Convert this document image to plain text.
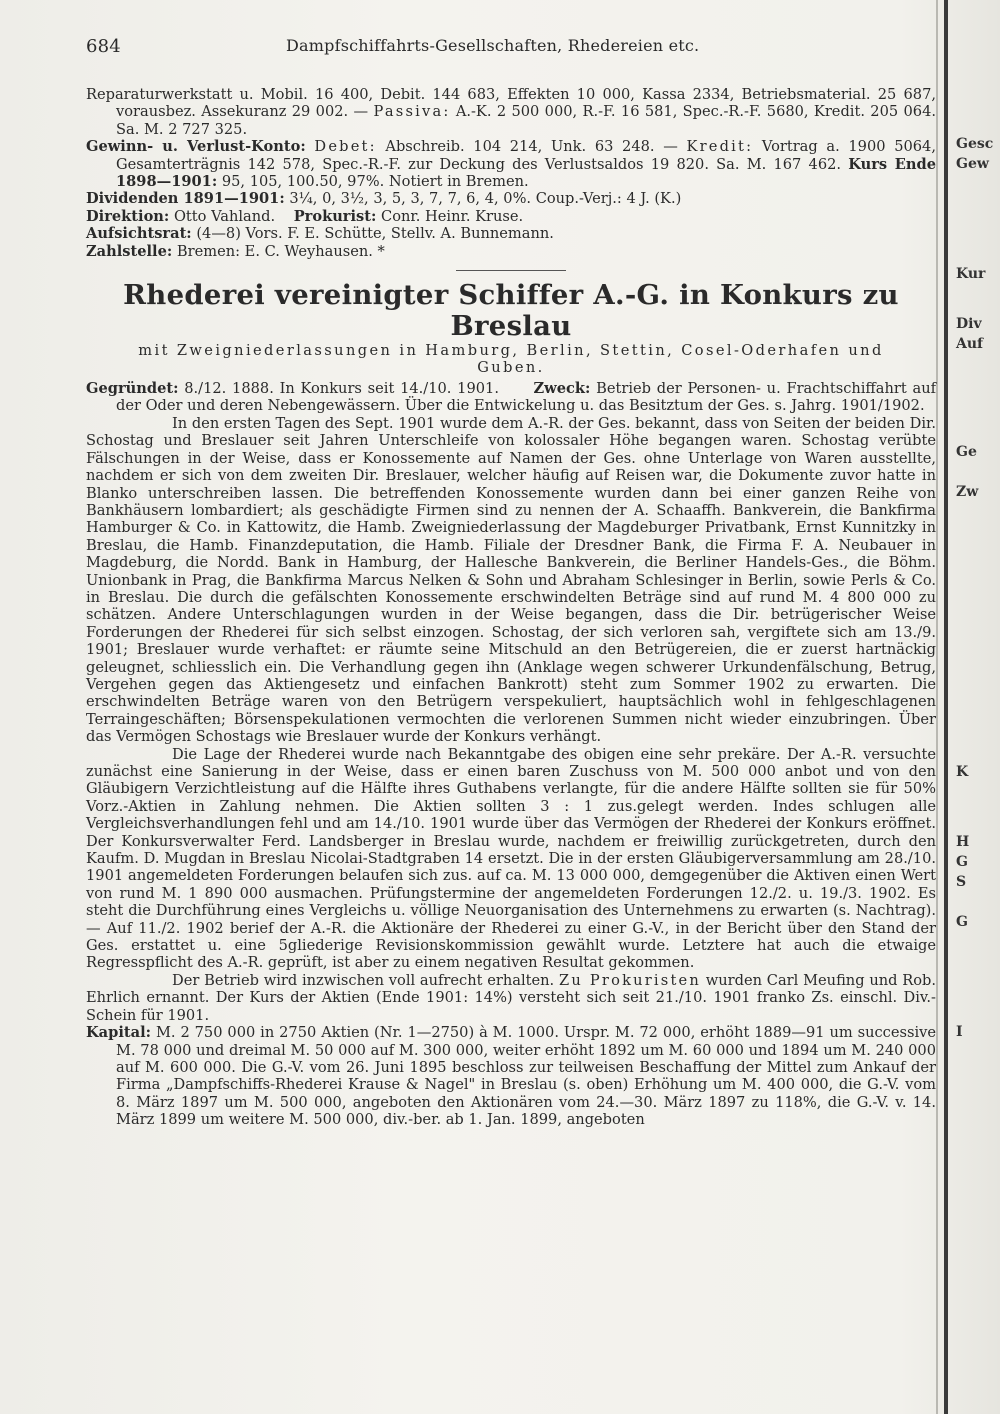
684	Dampfschiffahrts-Gesellschaften, Rhedereien etc.

Reparaturwerkstatt u. Mobil. 16 400, Debit. 144 683, Effekten 10 000, Kassa 2334, Betriebsmaterial. 25 687, vorausbez. Assekuranz 29 002. — Passiva: A.-K. 2 500 000, R.-F. 16 581, Spec.-R.-F. 5680, Kredit. 205 064. Sa. M. 2 727 325.

Gewinn- u. Verlust-Konto: Debet: Abschreib. 104 214, Unk. 63 248. — Kredit: Vortrag a. 1900 5064, Gesamterträgnis 142 578, Spec.-R.-F. zur Deckung des Verlustsaldos 19 820. Sa. M. 167 462. Kurs Ende 1898—1901: 95, 105, 100.50, 97%. Notiert in Bremen.

Dividenden 1891—1901: 3¼, 0, 3½, 3, 5, 3, 7, 7, 6, 4, 0%. Coup.-Verj.: 4 J. (K.)

Direktion: Otto Vahland. Prokurist: Conr. Heinr. Kruse.

Aufsichtsrat: (4—8) Vors. F. E. Schütte, Stellv. A. Bunnemann.

Zahlstelle: Bremen: E. C. Weyhausen. *

Rhederei vereinigter Schiffer A.-G. in Konkurs zu Breslau
mit Zweigniederlassungen in Hamburg, Berlin, Stettin, Cosel-Oderhafen und Guben.

Gegründet: 8./12. 1888. In Konkurs seit 14./10. 1901. Zweck: Betrieb der Personen- u. Frachtschiffahrt auf der Oder und deren Nebengewässern. Über die Entwickelung u. das Besitztum der Ges. s. Jahrg. 1901/1902.

In den ersten Tagen des Sept. 1901 wurde dem A.-R. der Ges. bekannt, dass von Seiten der beiden Dir. Schostag und Breslauer seit Jahren Unterschleife von kolossaler Höhe begangen waren. Schostag verübte Fälschungen in der Weise, dass er Konossemente auf Namen der Ges. ohne Unterlage von Waren ausstellte, nachdem er sich von dem zweiten Dir. Breslauer, welcher häufig auf Reisen war, die Dokumente zuvor hatte in Blanko unterschreiben lassen. Die betreffenden Konossemente wurden dann bei einer ganzen Reihe von Bankhäusern lombardiert; als geschädigte Firmen sind zu nennen der A. Schaaffh. Bankverein, die Bankfirma Hamburger & Co. in Kattowitz, die Hamb. Zweigniederlassung der Magdeburger Privatbank, Ernst Kunnitzky in Breslau, die Hamb. Finanzdeputation, die Hamb. Filiale der Dresdner Bank, die Firma F. A. Neubauer in Magdeburg, die Nordd. Bank in Hamburg, der Hallesche Bankverein, die Berliner Handels-Ges., die Böhm. Unionbank in Prag, die Bankfirma Marcus Nelken & Sohn und Abraham Schlesinger in Berlin, sowie Perls & Co. in Breslau. Die durch die gefälschten Konossemente erschwindelten Beträge sind auf rund M. 4 800 000 zu schätzen. Andere Unterschlagungen wurden in der Weise begangen, dass die Dir. betrügerischer Weise Forderungen der Rhederei für sich selbst einzogen. Schostag, der sich verloren sah, vergiftete sich am 13./9. 1901; Breslauer wurde verhaftet: er räumte seine Mitschuld an den Betrügereien, die er zuerst hartnäckig geleugnet, schliesslich ein. Die Verhandlung gegen ihn (Anklage wegen schwerer Urkundenfälschung, Betrug, Vergehen gegen das Aktiengesetz und einfachen Bankrott) steht zum Sommer 1902 zu erwarten. Die erschwindelten Beträge waren von den Betrügern verspekuliert, hauptsächlich wohl in fehlgeschlagenen Terraingeschäften; Börsenspekulationen vermochten die verlorenen Summen nicht wieder einzubringen. Über das Vermögen Schostags wie Breslauer wurde der Konkurs verhängt.

Die Lage der Rhederei wurde nach Bekanntgabe des obigen eine sehr prekäre. Der A.-R. versuchte zunächst eine Sanierung in der Weise, dass er einen baren Zuschuss von M. 500 000 anbot und von den Gläubigern Verzichtleistung auf die Hälfte ihres Guthabens verlangte, für die andere Hälfte sollten sie für 50% Vorz.-Aktien in Zahlung nehmen. Die Aktien sollten 3 : 1 zus.gelegt werden. Indes schlugen alle Vergleichsverhandlungen fehl und am 14./10. 1901 wurde über das Vermögen der Rhederei der Konkurs eröffnet. Der Konkursverwalter Ferd. Landsberger in Breslau wurde, nachdem er freiwillig zurückgetreten, durch den Kaufm. D. Mugdan in Breslau Nicolai-Stadtgraben 14 ersetzt. Die in der ersten Gläubigerversammlung am 28./10. 1901 angemeldeten Forderungen belaufen sich zus. auf ca. M. 13 000 000, demgegenüber die Aktiven einen Wert von rund M. 1 890 000 ausmachen. Prüfungstermine der angemeldeten Forderungen 12./2. u. 19./3. 1902. Es steht die Durchführung eines Vergleichs u. völlige Neuorganisation des Unternehmens zu erwarten (s. Nachtrag). — Auf 11./2. 1902 berief der A.-R. die Aktionäre der Rhederei zu einer G.-V., in der Bericht über den Stand der Ges. erstattet u. eine 5gliederige Revisionskommission gewählt wurde. Letztere hat auch die etwaige Regresspflicht des A.-R. geprüft, ist aber zu einem negativen Resultat gekommen.

Der Betrieb wird inzwischen voll aufrecht erhalten. Zu Prokuristen wurden Carl Meufing und Rob. Ehrlich ernannt. Der Kurs der Aktien (Ende 1901: 14%) versteht sich seit 21./10. 1901 franko Zs. einschl. Div.-Schein für 1901.

Kapital: M. 2 750 000 in 2750 Aktien (Nr. 1—2750) à M. 1000. Urspr. M. 72 000, erhöht 1889—91 um successive M. 78 000 und dreimal M. 50 000 auf M. 300 000, weiter erhöht 1892 um M. 60 000 und 1894 um M. 240 000 auf M. 600 000. Die G.-V. vom 26. Juni 1895 beschloss zur teilweisen Beschaffung der Mittel zum Ankauf der Firma „Dampfschiffs-Rhederei Krause & Nagel" in Breslau (s. oben) Erhöhung um M. 400 000, die G.-V. vom 8. März 1897 um M. 500 000, angeboten den Aktionären vom 24.—30. März 1897 zu 118%, die G.-V. v. 14. März 1899 um weitere M. 500 000, div.-ber. ab 1. Jan. 1899, angeboten

Gesc
Gew
Kur
Div
Auf
Ge
Zw
K
H
G
S
G
I
